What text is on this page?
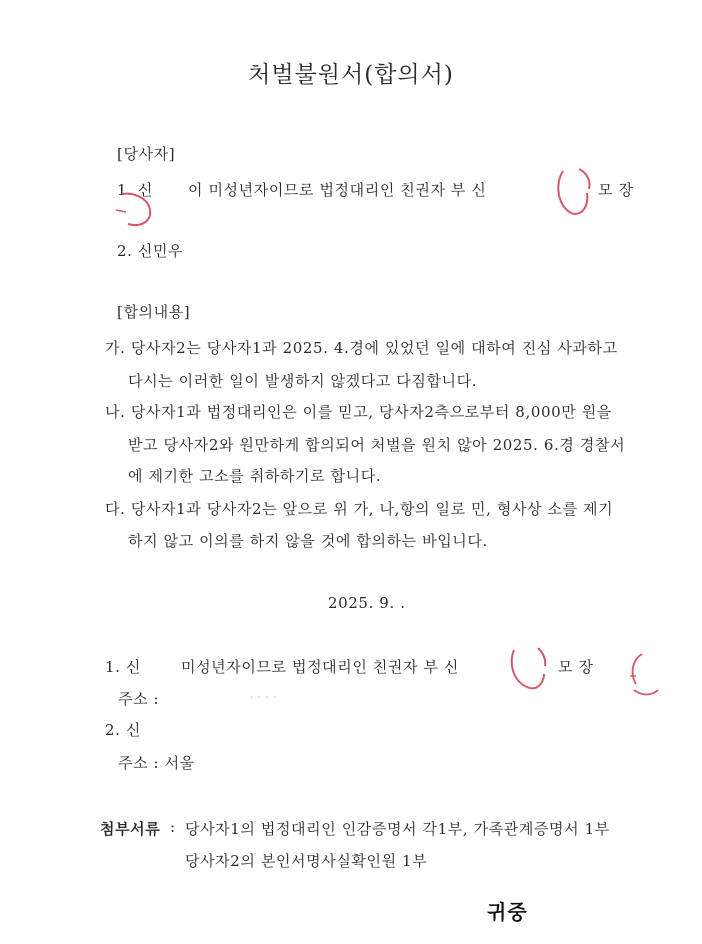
처벌불원서(합의서)
[당사자]
1. 신 이 미성년자이므로 법정대리인 친권자 부 신	모 장
2. 신민우
[합의내용]
가. 당사자2는 당사자1과 2025. 4.경에 있었던 일에 대하여 진심 사과하고
다시는 이러한 일이 발생하지 않겠다고 다짐합니다.
나. 당사자1과 법정대리인은 이를 믿고, 당사자2측으로부터 8,000만 원을
받고 당사자2와 원만하게 합의되어 처벌을 원치 않아 2025. 6.경 경찰서
에 제기한 고소를 취하하기로 합니다.
다. 당사자1과 당사자2는 앞으로 위 가, 나,항의 일로 민, 형사상 소를 제기
하지 않고 이의를 하지 않을 것에 합의하는 바입니다.
2025. 9. .
1. 신	미성년자이므로 법정대리인 친권자 부 신	모 장
주소 :	- - - -
2. 신
주소 : 서울
첨부서류 : 당사자1의 법정대리인 인감증명서 각1부, 가족관계증명서 1부
당사자2의 본인서명사실확인원 1부
귀중
